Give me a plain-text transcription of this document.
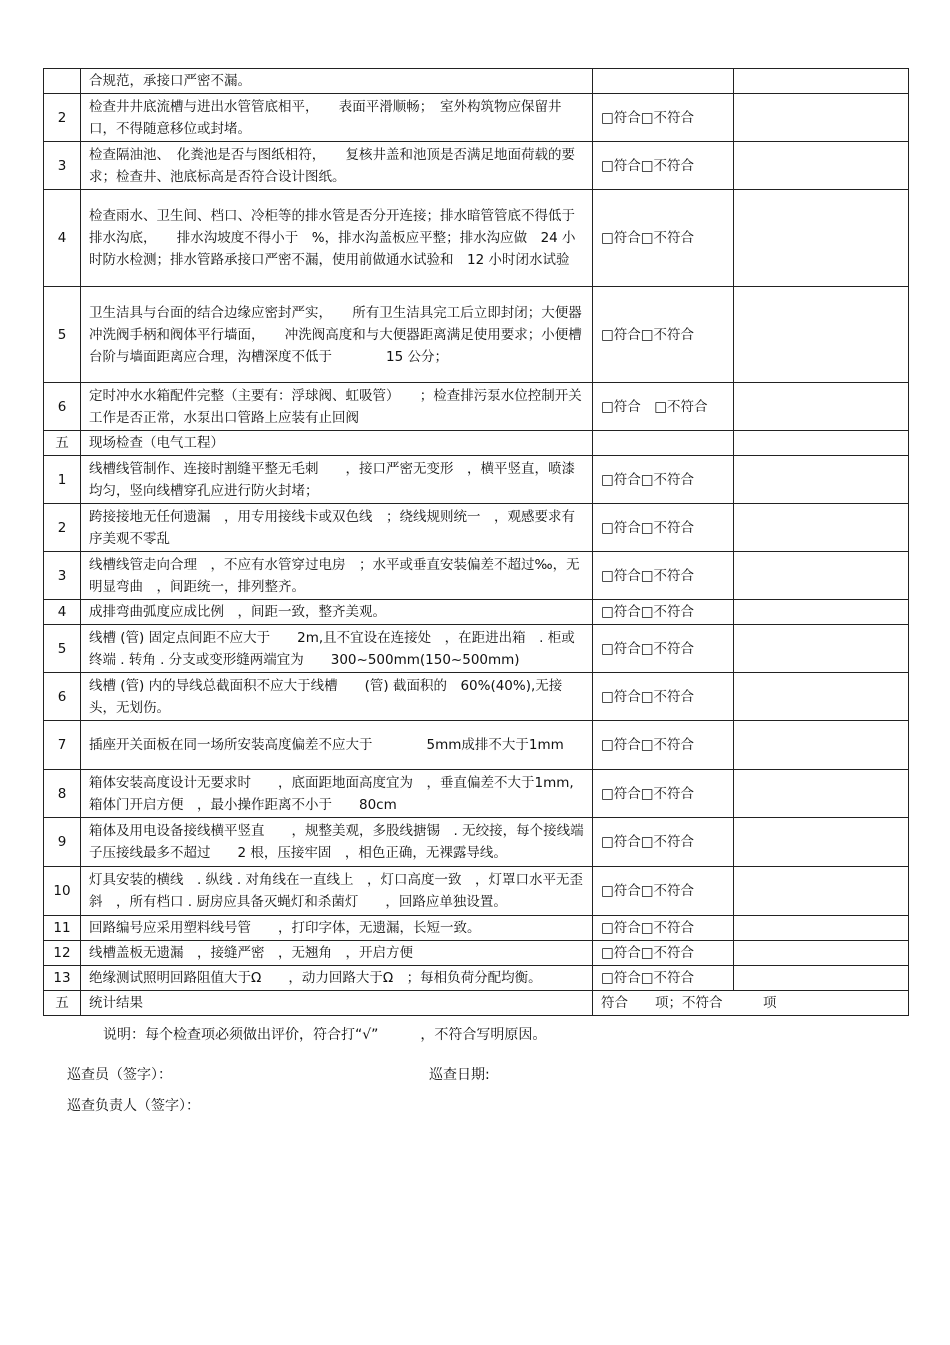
	合规范，承接口严密不漏。		
2	检查井井底流槽与进出水管管底相平，　　表面平滑顺畅；　室外构筑物应保留井口，不得随意移位或封堵。	□符合□不符合	
3	检查隔油池、　化粪池是否与图纸相符，　　复核井盖和池顶是否满足地面荷载的要求；检查井、池底标高是否符合设计图纸。	□符合□不符合	
4	检查雨水、卫生间、档口、冷柜等的排水管是否分开连接；排水暗管管底不得低于排水沟底，　　排水沟坡度不得小于　%，排水沟盖板应平整；排水沟应做　24 小时防水检测；排水管路承接口严密不漏，使用前做通水试验和　12 小时闭水试验	□符合□不符合	
5	卫生洁具与台面的结合边缘应密封严实，　　所有卫生洁具完工后立即封闭；大便器冲洗阀手柄和阀体平行墙面，　　冲洗阀高度和与大便器距离满足使用要求；小便槽台阶与墙面距离应合理，沟槽深度不低于　　　　15 公分；	□符合□不符合	
6	定时冲水水箱配件完整（主要有：浮球阀、虹吸管）　　；检查排污泵水位控制开关工作是否正常，水泵出口管路上应装有止回阀	□符合　□不符合	
五	现场检查（电气工程）		
1	线槽线管制作、连接时割缝平整无毛刺　　，接口严密无变形　，横平竖直，喷漆均匀，竖向线槽穿孔应进行防火封堵；	□符合□不符合	
2	跨接接地无任何遗漏　，用专用接线卡或双色线　；绕线规则统一　，观感要求有序美观不零乱	□符合□不符合	
3	线槽线管走向合理　，不应有水管穿过电房　；水平或垂直安装偏差不超过‰，无明显弯曲　，间距统一，排列整齐。	□符合□不符合	
4	成排弯曲弧度应成比例　，间距一致，整齐美观。	□符合□不符合	
5	线槽 (管) 固定点间距不应大于　　2m,且不宜设在连接处　，在距进出箱　. 柜或终端 . 转角 . 分支或变形缝两端宜为　　300~500mm(150~500mm)	□符合□不符合	
6	线槽 (管) 内的导线总截面积不应大于线槽　　(管) 截面积的　60%(40%),无接头，无划伤。	□符合□不符合	
7	插座开关面板在同一场所安装高度偏差不应大于　　　　5mm成排不大于1mm	□符合□不符合	
8	箱体安装高度设计无要求时　　，底面距地面高度宜为　，垂直偏差不大于1mm,箱体门开启方便　，最小操作距离不小于　　80cm	□符合□不符合	
9	箱体及用电设备接线横平竖直　　，规整美观，多股线搪锡　. 无绞接，每个接线端子压接线最多不超过　　2 根，压接牢固　，相色正确，无裸露导线。	□符合□不符合	
10	灯具安装的横线　. 纵线 . 对角线在一直线上　，灯口高度一致　，灯罩口水平无歪斜　，所有档口 . 厨房应具备灭蝇灯和杀菌灯　　，回路应单独设置。	□符合□不符合	
11	回路编号应采用塑料线号管　　，打印字体，无遗漏，长短一致。	□符合□不符合	
12	线槽盖板无遗漏　，接缝严密　，无翘角　，开启方便	□符合□不符合	
13	绝缘测试照明回路阻值大于Ω　　，动力回路大于Ω　；每相负荷分配均衡。	□符合□不符合	
五	统计结果	符合　　项；不符合　　　项	
说明：每个检查项必须做出评价，符合打“√”　　　，不符合写明原因。
巡查员（签字）：	巡查日期:
巡查负责人（签字）：
